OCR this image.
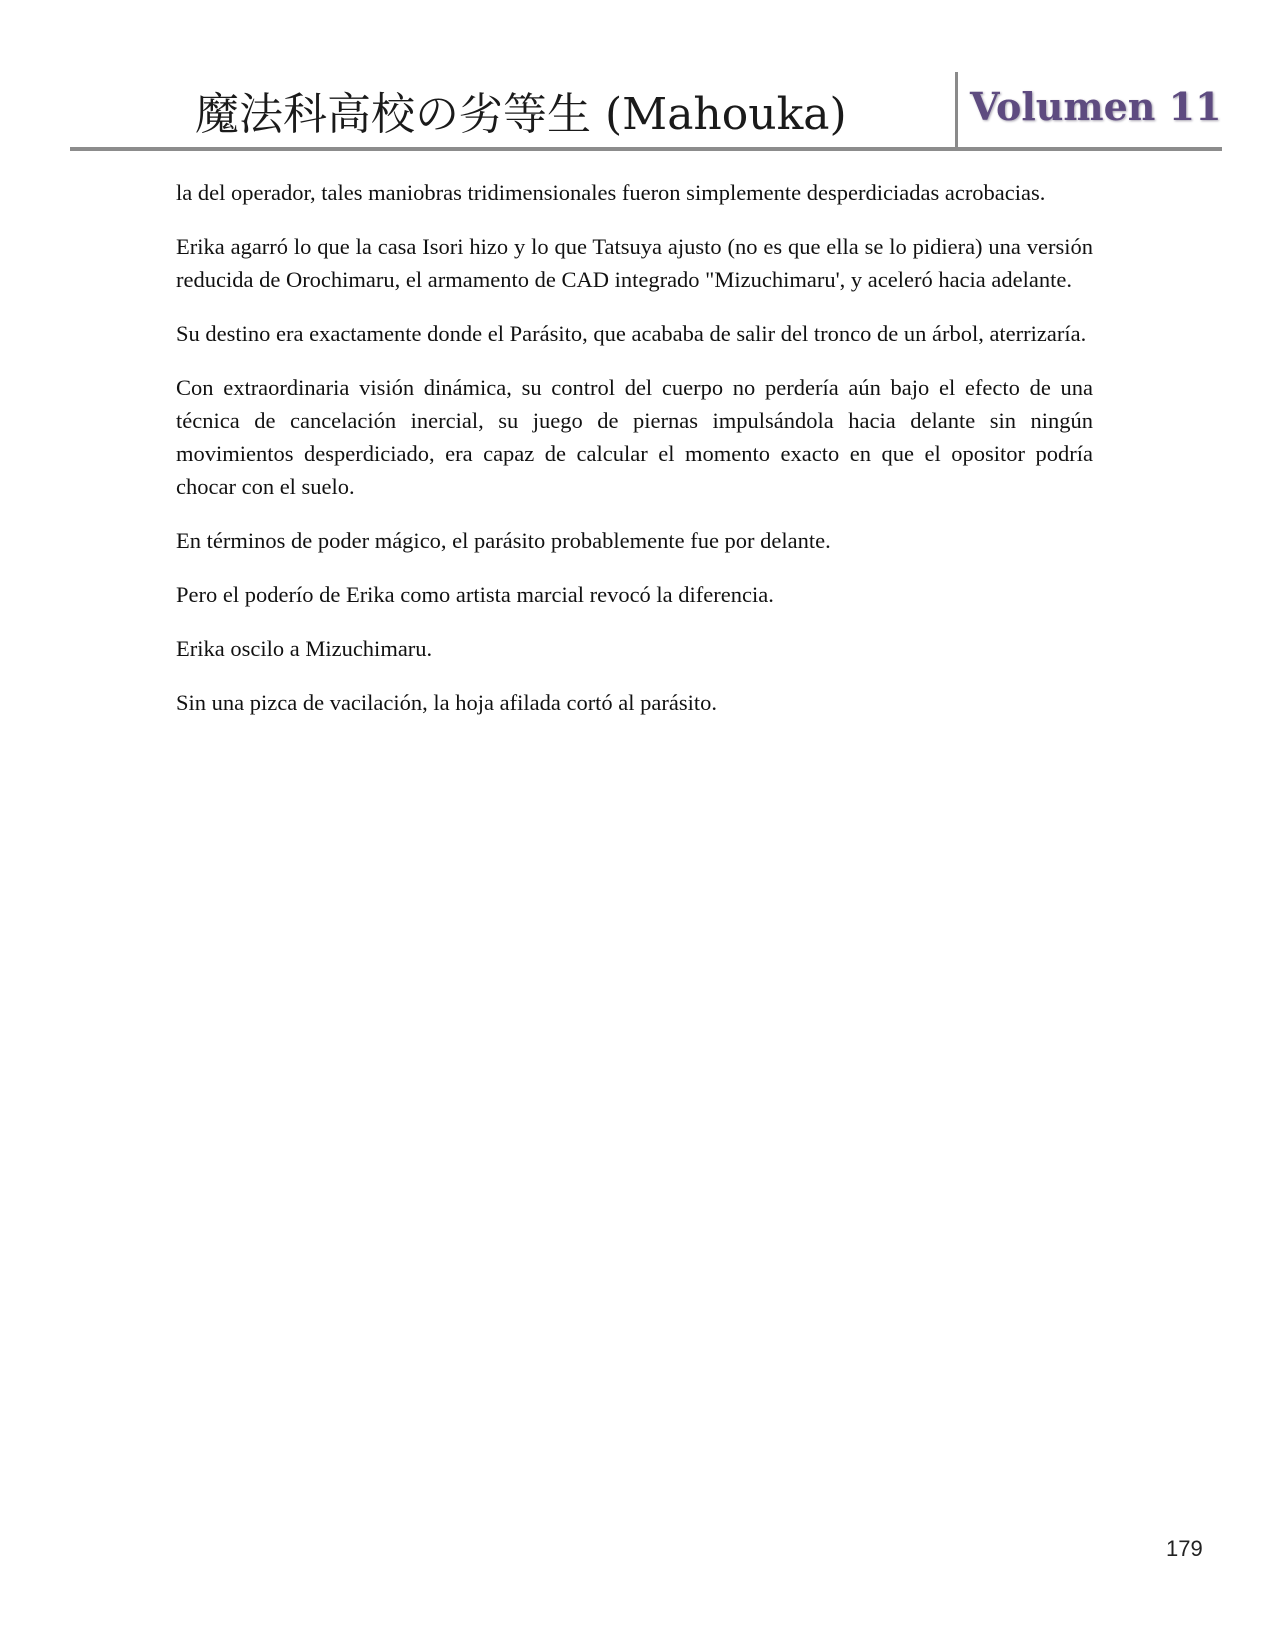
魔法科高校の劣等生 (Mahouka)	Volumen 11

la del operador, tales maniobras tridimensionales fueron simplemente desperdiciadas acrobacias.

Erika agarró lo que la casa Isori hizo y lo que Tatsuya ajusto (no es que ella se lo pidiera) una versión reducida de Orochimaru, el armamento de CAD integrado "Mizuchimaru', y aceleró hacia adelante.

Su destino era exactamente donde el Parásito, que acababa de salir del tronco de un árbol, aterrizaría.

Con extraordinaria visión dinámica, su control del cuerpo no perdería aún bajo el efecto de una técnica de cancelación inercial, su juego de piernas impulsándola hacia delante sin ningún movimientos desperdiciado, era capaz de calcular el momento exacto en que el opositor podría chocar con el suelo.

En términos de poder mágico, el parásito probablemente fue por delante.

Pero el poderío de Erika como artista marcial revocó la diferencia.

Erika oscilo a Mizuchimaru.

Sin una pizca de vacilación, la hoja afilada cortó al parásito.

179
